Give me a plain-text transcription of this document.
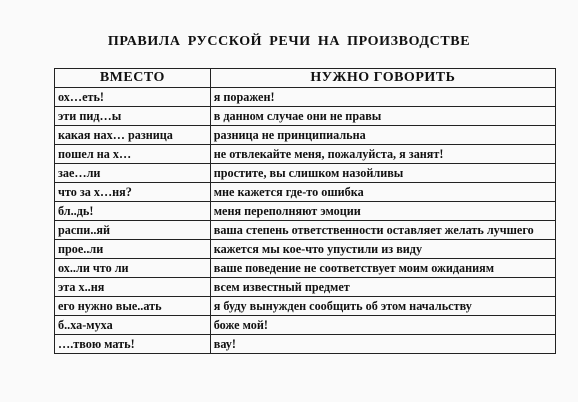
ПРАВИЛА РУССКОЙ РЕЧИ НА ПРОИЗВОДСТВЕ
ВМЕСТО	НУЖНО ГОВОРИТЬ
ох…еть!	я поражен!
эти пид…ы	в данном случае они не правы
какая нах… разница	разница не принципиальна
пошел на х…	не отвлекайте меня, пожалуйста, я занят!
зае…ли	простите, вы слишком назойливы
что за х…ня?	мне кажется где-то ошибка
бл..дь!	меня переполняют эмоции
распи..яй	ваша степень ответственности оставляет желать лучшего
прое..ли	кажется мы кое-что упустили из виду
ох..ли что ли	ваше поведение не соответствует моим ожиданиям
эта х..ня	всем известный предмет
его нужно вые..ать	я буду вынужден сообщить об этом начальству
б..ха-муха	боже мой!
….твою мать!	вау!
